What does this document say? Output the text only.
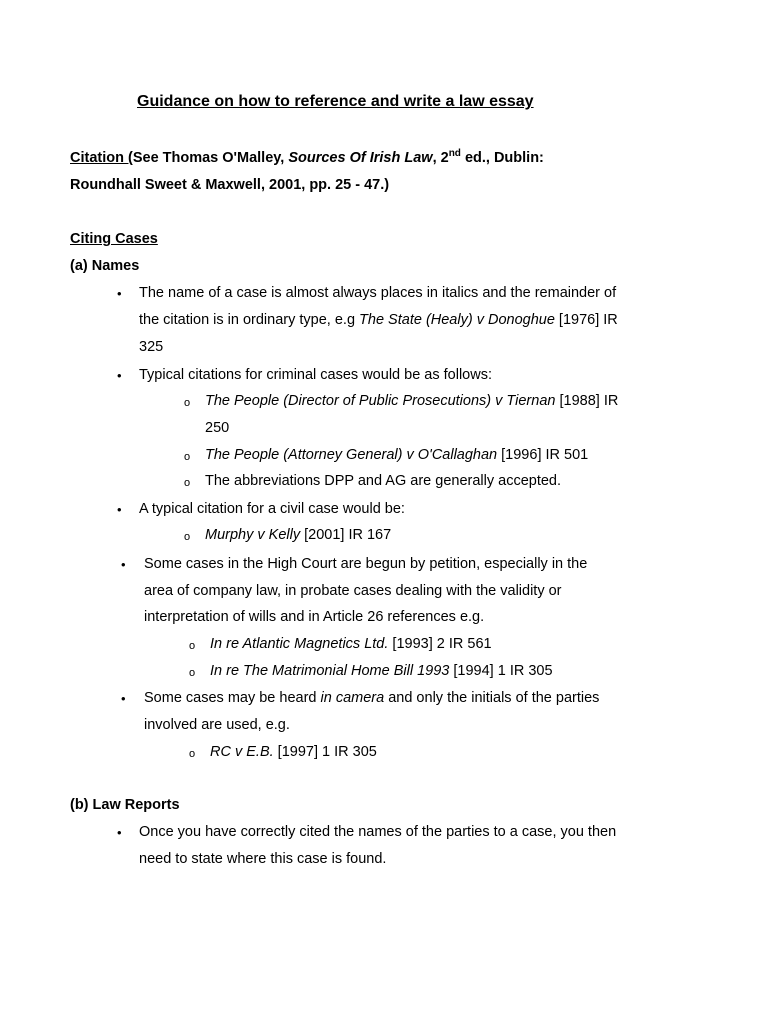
Guidance on how to reference and write a law essay
Citation (See Thomas O'Malley, Sources Of Irish Law, 2nd ed., Dublin:
Roundhall Sweet & Maxwell, 2001, pp. 25 - 47.)
Citing Cases
(a) Names
• The name of a case is almost always places in italics and the remainder of
the citation is in ordinary type, e.g The State (Healy) v Donoghue [1976] IR
325
• Typical citations for criminal cases would be as follows:
o The People (Director of Public Prosecutions) v Tiernan [1988] IR
250
o The People (Attorney General) v O'Callaghan [1996] IR 501
o The abbreviations DPP and AG are generally accepted.
• A typical citation for a civil case would be:
o Murphy v Kelly [2001] IR 167
• Some cases in the High Court are begun by petition, especially in the
area of company law, in probate cases dealing with the validity or
interpretation of wills and in Article 26 references e.g.
o In re Atlantic Magnetics Ltd. [1993] 2 IR 561
o In re The Matrimonial Home Bill 1993 [1994] 1 IR 305
• Some cases may be heard in camera and only the initials of the parties
involved are used, e.g.
o RC v E.B. [1997] 1 IR 305
(b) Law Reports
• Once you have correctly cited the names of the parties to a case, you then
need to state where this case is found.
